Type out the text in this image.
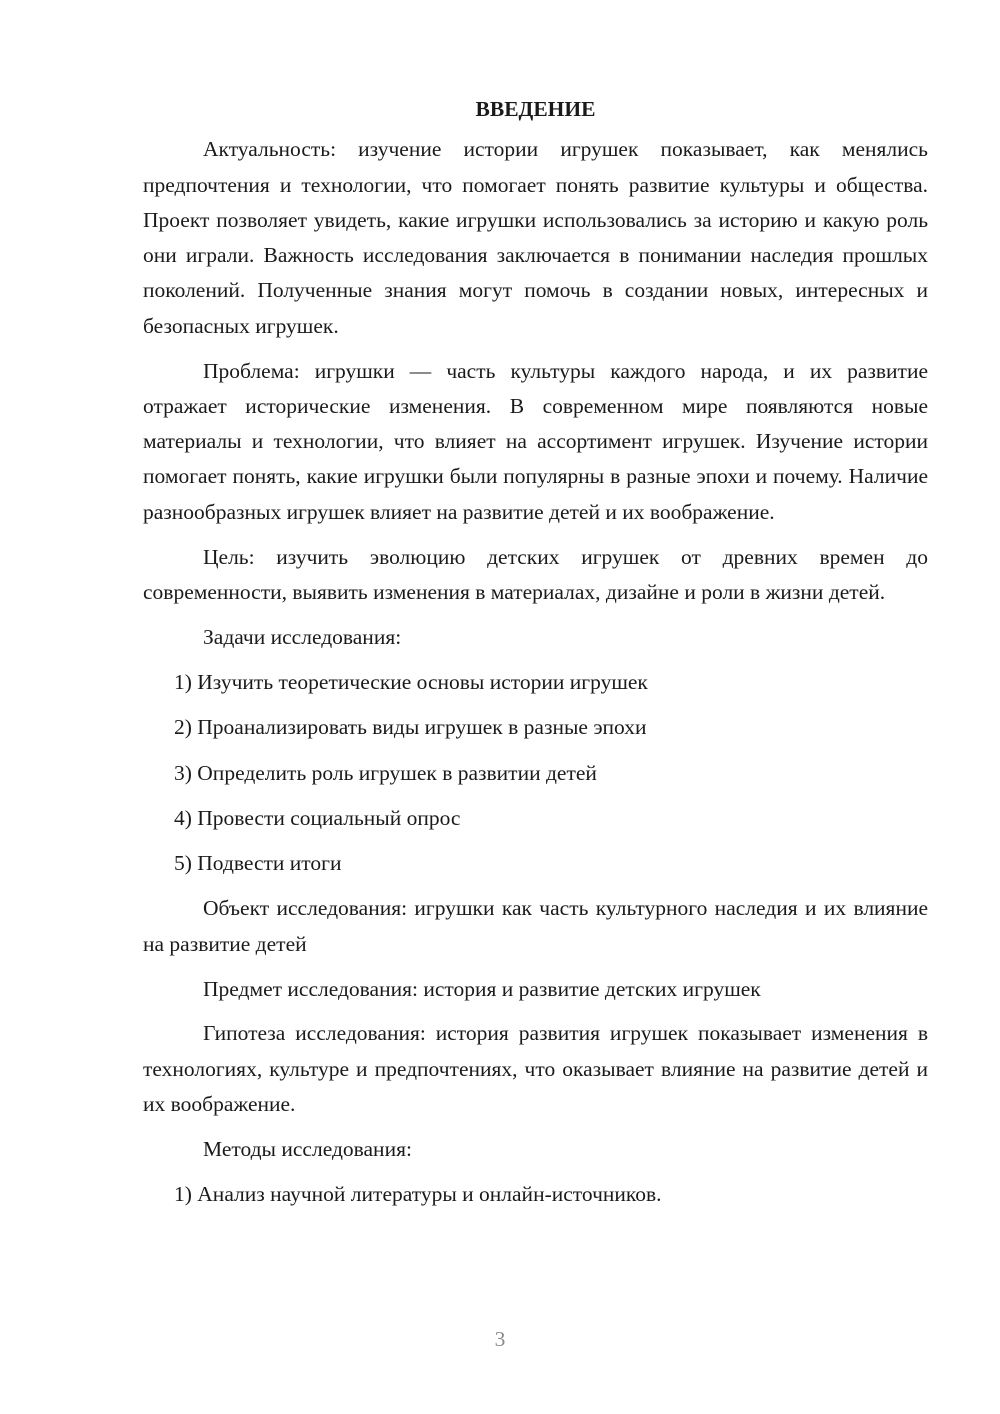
ВВЕДЕНИЕ

Актуальность: изучение истории игрушек показывает, как менялись предпочтения и технологии, что помогает понять развитие культуры и общества. Проект позволяет увидеть, какие игрушки использовались за историю и какую роль они играли. Важность исследования заключается в понимании наследия прошлых поколений. Полученные знания могут помочь в создании новых, интересных и безопасных игрушек.

Проблема: игрушки — часть культуры каждого народа, и их развитие отражает исторические изменения. В современном мире появляются новые материалы и технологии, что влияет на ассортимент игрушек. Изучение истории помогает понять, какие игрушки были популярны в разные эпохи и почему. Наличие разнообразных игрушек влияет на развитие детей и их воображение.

Цель: изучить эволюцию детских игрушек от древних времен до современности, выявить изменения в материалах, дизайне и роли в жизни детей.

Задачи исследования:

1) Изучить теоретические основы истории игрушек
2) Проанализировать виды игрушек в разные эпохи
3) Определить роль игрушек в развитии детей
4) Провести социальный опрос
5) Подвести итоги

Объект исследования: игрушки как часть культурного наследия и их влияние на развитие детей

Предмет исследования: история и развитие детских игрушек

Гипотеза исследования: история развития игрушек показывает изменения в технологиях, культуре и предпочтениях, что оказывает влияние на развитие детей и их воображение.

Методы исследования:

1) Анализ научной литературы и онлайн-источников.
3
